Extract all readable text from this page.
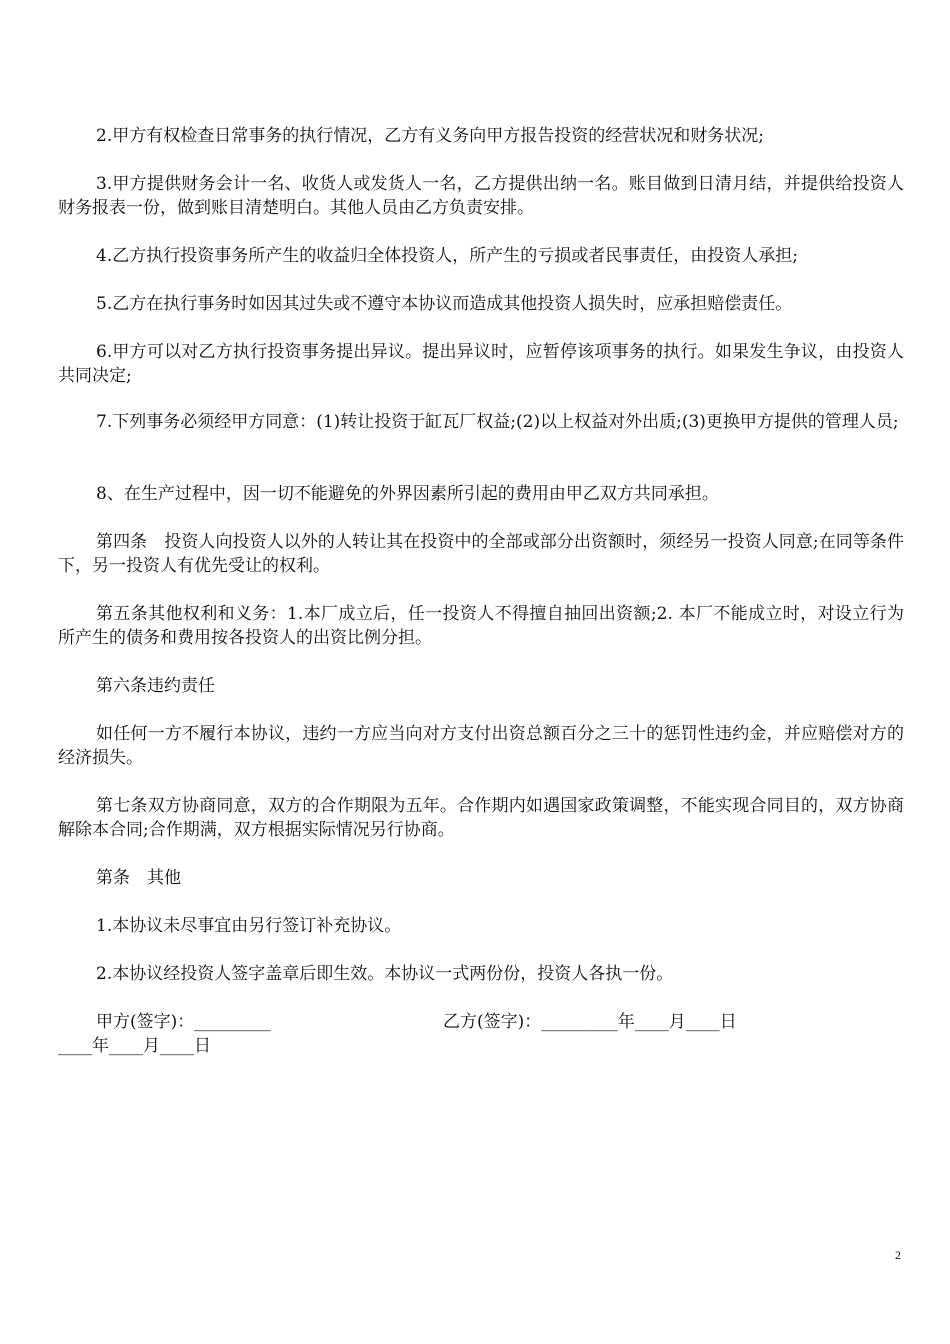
2.甲方有权检查日常事务的执行情况，乙方有义务向甲方报告投资的经营状况和财务状况;

3.甲方提供财务会计一名、收货人或发货人一名，乙方提供出纳一名。账目做到日清月结，并提供给投资人财务报表一份，做到账目清楚明白。其他人员由乙方负责安排。

4.乙方执行投资事务所产生的收益归全体投资人，所产生的亏损或者民事责任，由投资人承担;

5.乙方在执行事务时如因其过失或不遵守本协议而造成其他投资人损失时，应承担赔偿责任。

6.甲方可以对乙方执行投资事务提出异议。提出异议时，应暂停该项事务的执行。如果发生争议，由投资人共同决定;

7.下列事务必须经甲方同意：(1)转让投资于缸瓦厂权益;(2)以上权益对外出质;(3)更换甲方提供的管理人员;

8、在生产过程中，因一切不能避免的外界因素所引起的费用由甲乙双方共同承担。

第四条　投资人向投资人以外的人转让其在投资中的全部或部分出资额时，须经另一投资人同意;在同等条件下，另一投资人有优先受让的权利。

第五条其他权利和义务：1.本厂成立后，任一投资人不得擅自抽回出资额;2. 本厂不能成立时，对设立行为所产生的债务和费用按各投资人的出资比例分担。

第六条违约责任

如任何一方不履行本协议，违约一方应当向对方支付出资总额百分之三十的惩罚性违约金，并应赔偿对方的经济损失。

第七条双方协商同意，双方的合作期限为五年。合作期内如遇国家政策调整，不能实现合同目的，双方协商解除本合同;合作期满，双方根据实际情况另行协商。

第条　其他

1.本协议未尽事宜由另行签订补充协议。

2.本协议经投资人签字盖章后即生效。本协议一式两份份，投资人各执一份。

甲方(签字)：_________	乙方(签字)：_________年____月____日

____年____月____日

2
